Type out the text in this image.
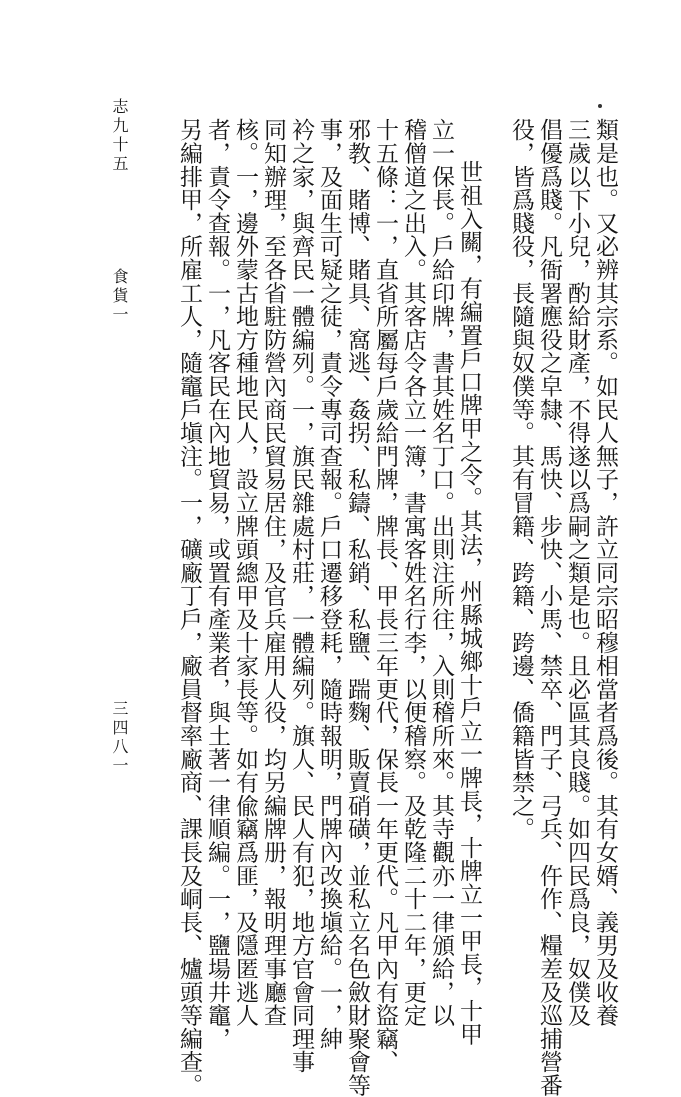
類是也。又必辨其宗系。如民人無子，許立同宗昭穆相當者爲後。其有女婿、義男及收養
三歲以下小兒，酌給財產，不得遂以爲嗣之類是也。且必區其良賤。如四民爲良，奴僕及
倡優爲賤。凡衙署應役之皁隸、馬快、步快、小馬、禁卒、門子、弓兵、仵作、糧差及巡捕營番
役，皆爲賤役，長隨與奴僕等。其有冒籍、跨籍、跨邊、僑籍皆禁之。
世祖入關，有編置戶口牌甲之令。其法，州縣城鄉十戶立一牌長，十牌立一甲長，十甲
立一保長。戶給印牌，書其姓名丁口。出則注所往，入則稽所來。其寺觀亦一律頒給，以
稽僧道之出入。其客店令各立一簿，書寓客姓名行李，以便稽察。及乾隆二十二年，更定
十五條：一，直省所屬每戶歲給門牌，牌長、甲長三年更代，保長一年更代。凡甲內有盜竊、
邪教、賭博、賭具、窩逃、姦拐、私鑄、私銷、私鹽、踹麴、販賣硝磺，並私立名色斂財聚會等
事，及面生可疑之徒，責令專司查報。戶口遷移登耗，隨時報明，門牌內改換塡給。一，紳
衿之家，與齊民一體編列。一，旗民雜處村莊，一體編列。旗人、民人有犯，地方官會同理事
同知辦理，至各省駐防營內商民貿易居住，及官兵雇用人役，均另編牌册，報明理事廳查
核。一，邊外蒙古地方種地民人，設立牌頭總甲及十家長等。如有偸竊爲匪，及隱匿逃人
者，責令查報。一，凡客民在內地貿易，或置有產業者，與土著一律順編。一，鹽場井竈，
另編排甲，所雇工人，隨竈戶塡注。一，礦廠丁戶，廠員督率廠商、課長及峒長、爐頭等編查。
志九十五
食貨一
三四八一
